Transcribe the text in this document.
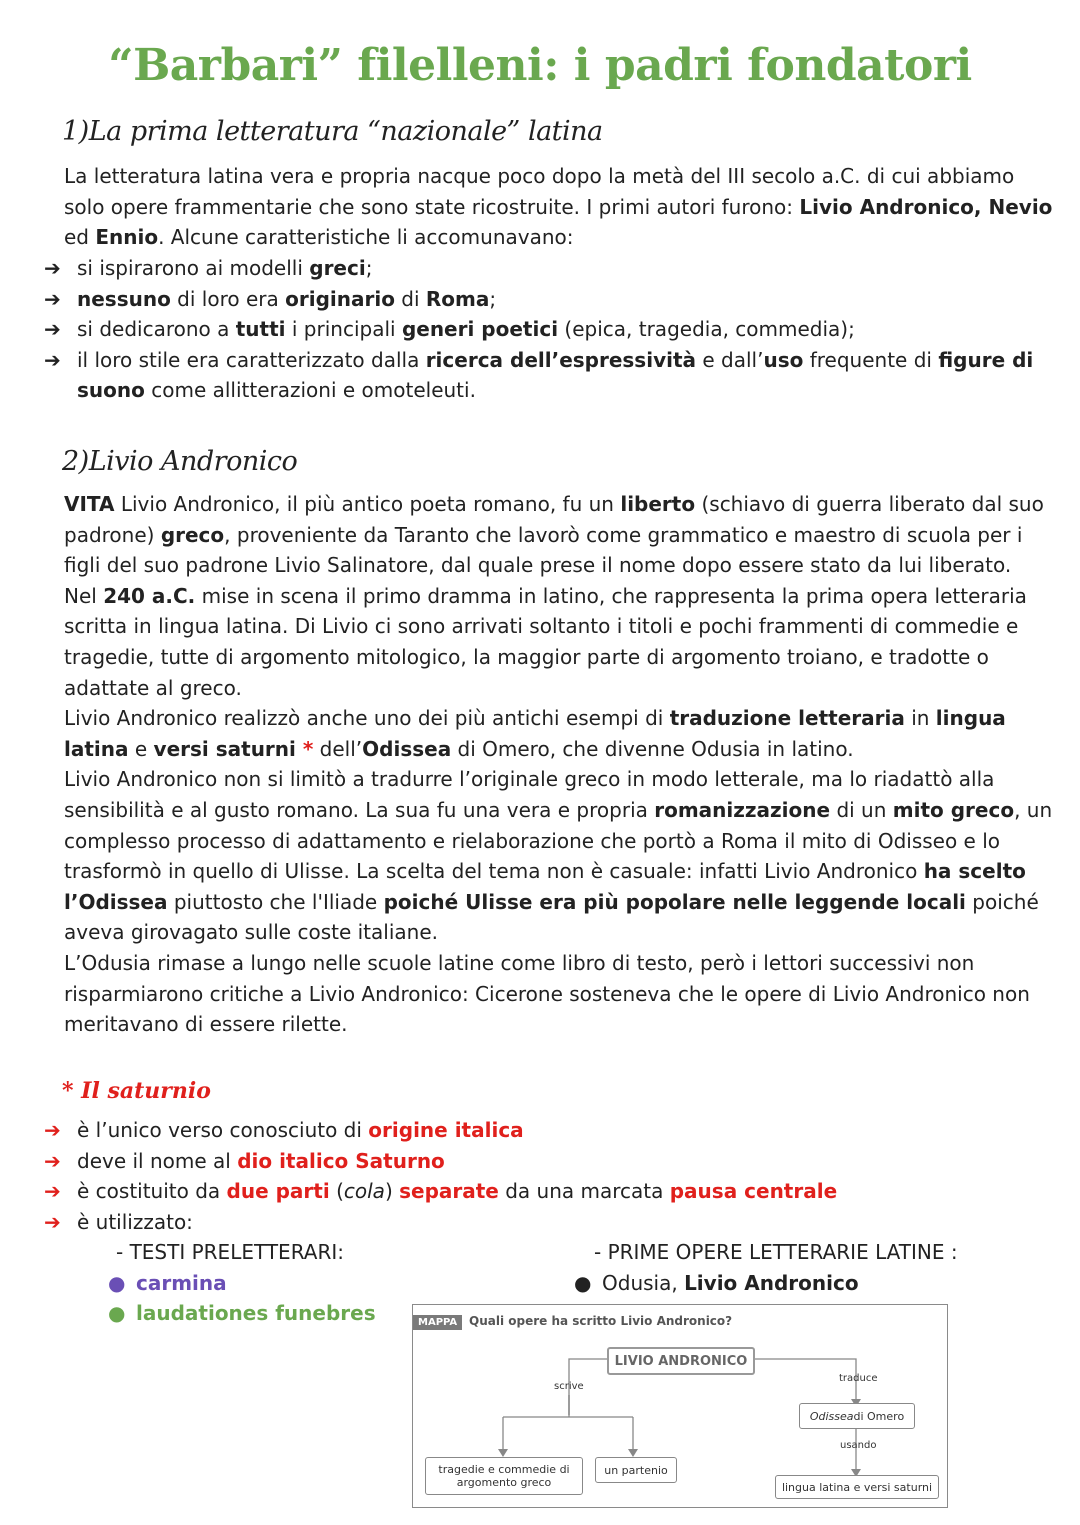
“Barbari” filelleni: i padri fondatori
1)La prima letteratura “nazionale” latina

La letteratura latina vera e propria nacque poco dopo la metà del III secolo a.C. di cui abbiamo solo opere frammentarie che sono state ricostruite. I primi autori furono: Livio Andronico, Nevio ed Ennio. Alcune caratteristiche li accomunavano:

➔ si ispirarono ai modelli greci;
➔ nessuno di loro era originario di Roma;
➔ si dedicarono a tutti i principali generi poetici (epica, tragedia, commedia);
➔ il loro stile era caratterizzato dalla ricerca dell’espressività e dall’uso frequente di figure di suono come allitterazioni e omoteleuti.
2)Livio Andronico
VITA Livio Andronico, il più antico poeta romano, fu un liberto (schiavo di guerra liberato dal suo padrone) greco, proveniente da Taranto che lavorò come grammatico e maestro di scuola per i figli del suo padrone Livio Salinatore, dal quale prese il nome dopo essere stato da lui liberato.
Nel 240 a.C. mise in scena il primo dramma in latino, che rappresenta la prima opera letteraria scritta in lingua latina. Di Livio ci sono arrivati soltanto i titoli e pochi frammenti di commedie e tragedie, tutte di argomento mitologico, la maggior parte di argomento troiano, e tradotte o adattate al greco.
Livio Andronico realizzò anche uno dei più antichi esempi di traduzione letteraria in lingua latina e versi saturni * dell’Odissea di Omero, che divenne Odusia in latino.
Livio Andronico non si limitò a tradurre l’originale greco in modo letterale, ma lo riadattò alla sensibilità e al gusto romano. La sua fu una vera e propria romanizzazione di un mito greco, un complesso processo di adattamento e rielaborazione che portò a Roma il mito di Odisseo e lo trasformò in quello di Ulisse. La scelta del tema non è casuale: infatti Livio Andronico ha scelto l’Odissea piuttosto che l'Iliade poiché Ulisse era più popolare nelle leggende locali poiché aveva girovagato sulle coste italiane.
L’Odusia rimase a lungo nelle scuole latine come libro di testo, però i lettori successivi non risparmiarono critiche a Livio Andronico: Cicerone sosteneva che le opere di Livio Andronico non meritavano di essere rilette.
* Il saturnio
➔ è l’unico verso conosciuto di origine italica
➔ deve il nome al dio italico Saturno
➔ è costituito da due parti (cola) separate da una marcata pausa centrale
➔ è utilizzato:
- TESTI PRELETTERARI:
● carmina
● laudationes funebres
- PRIME OPERE LETTERARIE LATINE :
● Odusia, Livio Andronico
MAPPA Quali opere ha scritto Livio Andronico?
LIVIO ANDRONICO
scrive
traduce
usando
tragedie e commedie di argomento greco
un partenio
Odissea di Omero
lingua latina e versi saturni
